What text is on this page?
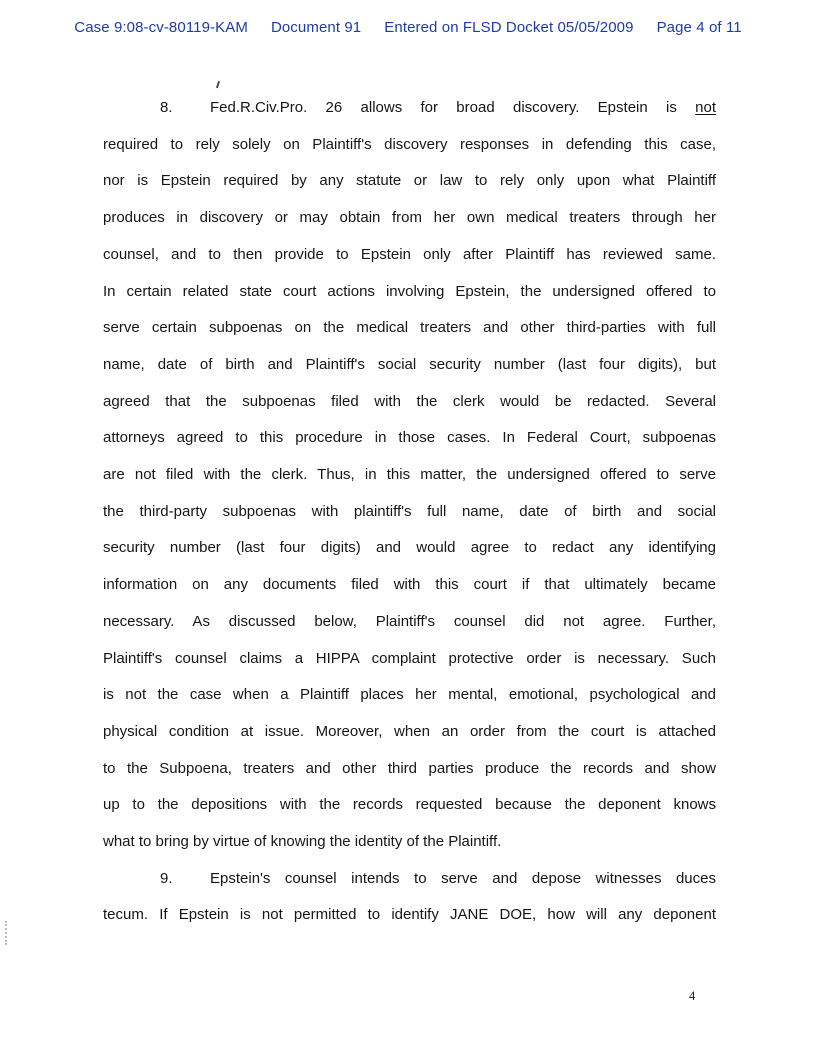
Case 9:08-cv-80119-KAM Document 91 Entered on FLSD Docket 05/05/2009 Page 4 of 11
8. Fed.R.Civ.Pro. 26 allows for broad discovery. Epstein is not
required to rely solely on Plaintiff's discovery responses in defending this case,
nor is Epstein required by any statute or law to rely only upon what Plaintiff
produces in discovery or may obtain from her own medical treaters through her
counsel, and to then provide to Epstein only after Plaintiff has reviewed same.
In certain related state court actions involving Epstein, the undersigned offered to
serve certain subpoenas on the medical treaters and other third-parties with full
name, date of birth and Plaintiff's social security number (last four digits), but
agreed that the subpoenas filed with the clerk would be redacted. Several
attorneys agreed to this procedure in those cases. In Federal Court, subpoenas
are not filed with the clerk. Thus, in this matter, the undersigned offered to serve
the third-party subpoenas with plaintiff's full name, date of birth and social
security number (last four digits) and would agree to redact any identifying
information on any documents filed with this court if that ultimately became
necessary. As discussed below, Plaintiff's counsel did not agree. Further,
Plaintiff's counsel claims a HIPPA complaint protective order is necessary. Such
is not the case when a Plaintiff places her mental, emotional, psychological and
physical condition at issue. Moreover, when an order from the court is attached
to the Subpoena, treaters and other third parties produce the records and show
up to the depositions with the records requested because the deponent knows
what to bring by virtue of knowing the identity of the Plaintiff.
9. Epstein's counsel intends to serve and depose witnesses duces
tecum. If Epstein is not permitted to identify JANE DOE, how will any deponent
4
